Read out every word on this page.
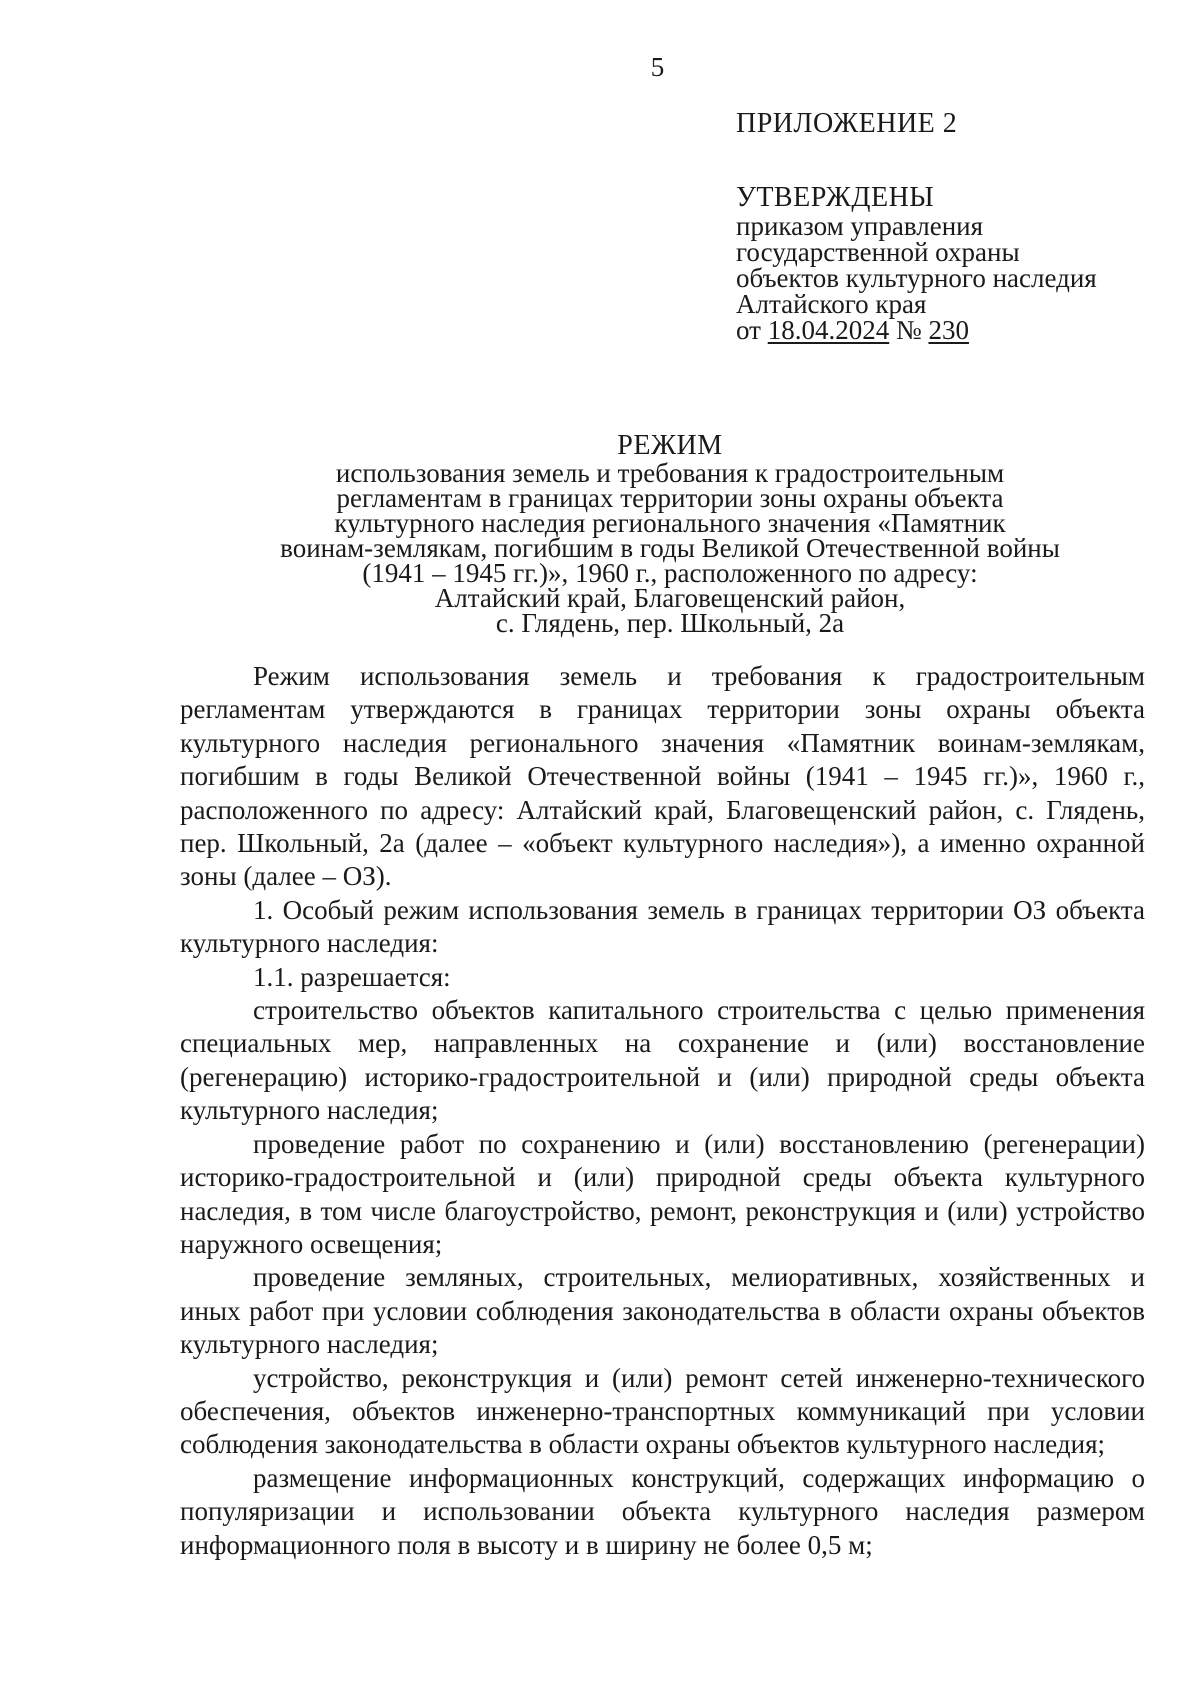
5
ПРИЛОЖЕНИЕ 2
УТВЕРЖДЕНЫ
приказом управления
государственной охраны
объектов культурного наследия
Алтайского края
от 18.04.2024 № 230
РЕЖИМ
использования земель и требования к градостроительным
регламентам в границах территории зоны охраны объекта
культурного наследия регионального значения «Памятник
воинам-землякам, погибшим в годы Великой Отечественной войны
(1941 – 1945 гг.)», 1960 г., расположенного по адресу:
Алтайский край, Благовещенский район,
с. Глядень, пер. Школьный, 2а

Режим использования земель и требования к градостроительным регламентам утверждаются в границах территории зоны охраны объекта культурного наследия регионального значения «Памятник воинам-землякам, погибшим в годы Великой Отечественной войны (1941 – 1945 гг.)», 1960 г., расположенного по адресу: Алтайский край, Благовещенский район, с. Глядень, пер. Школьный, 2а (далее – «объект культурного наследия»), а именно охранной зоны (далее – ОЗ).

1. Особый режим использования земель в границах территории ОЗ объекта культурного наследия:

1.1. разрешается:

строительство объектов капитального строительства с целью применения специальных мер, направленных на сохранение и (или) восстановление (регенерацию) историко-градостроительной и (или) природной среды объекта культурного наследия;

проведение работ по сохранению и (или) восстановлению (регенерации) историко-градостроительной и (или) природной среды объекта культурного наследия, в том числе благоустройство, ремонт, реконструкция и (или) устройство наружного освещения;

проведение земляных, строительных, мелиоративных, хозяйственных и иных работ при условии соблюдения законодательства в области охраны объектов культурного наследия;

устройство, реконструкция и (или) ремонт сетей инженерно-технического обеспечения, объектов инженерно-транспортных коммуникаций при условии соблюдения законодательства в области охраны объектов культурного наследия;

размещение информационных конструкций, содержащих информацию о популяризации и использовании объекта культурного наследия размером информационного поля в высоту и в ширину не более 0,5 м;
